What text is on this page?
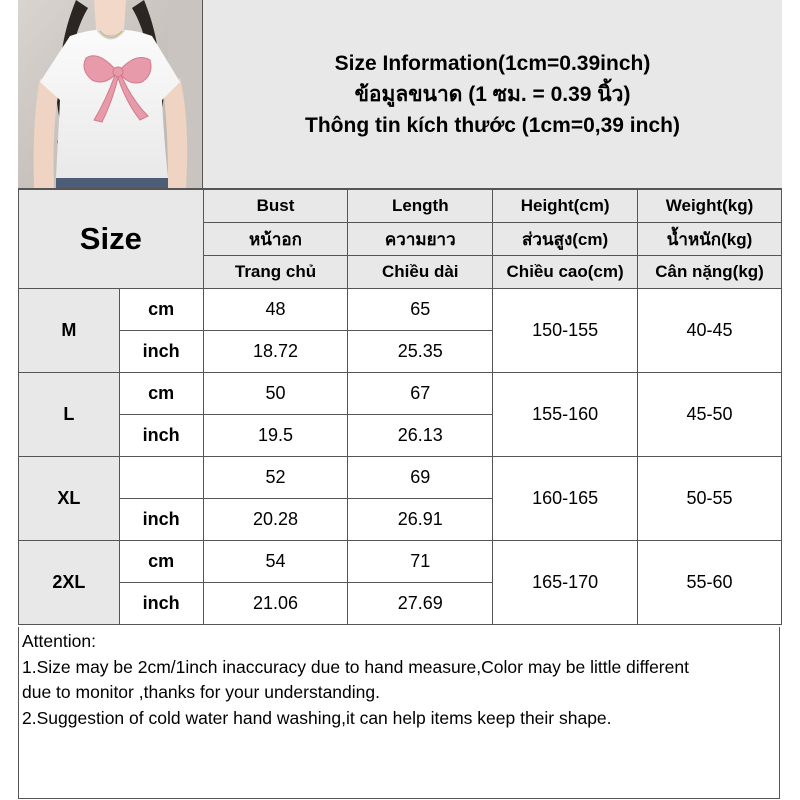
Size Information(1cm=0.39inch)
ข้อมูลขนาด (1 ซม. = 0.39 นิ้ว)
Thông tin kích thước (1cm=0,39 inch)
Size		Bust	Length	Height(cm)	Weight(kg)
		หน้าอก	ความยาว	ส่วนสูง(cm)	น้ำหนัก(kg)
		Trang chủ	Chiều dài	Chiều cao(cm)	Cân nặng(kg)
M	cm	48	65	150-155	40-45
	inch	18.72	25.35		
L	cm	50	67	155-160	45-50
	inch	19.5	26.13		
XL		52	69	160-165	50-55
	inch	20.28	26.91		
2XL	cm	54	71	165-170	55-60
	inch	21.06	27.69		
Attention:
1.Size may be 2cm/1inch inaccuracy due to hand measure,Color may be little different
due to monitor ,thanks for your understanding.
2.Suggestion of cold water hand washing,it can help items keep their shape.
